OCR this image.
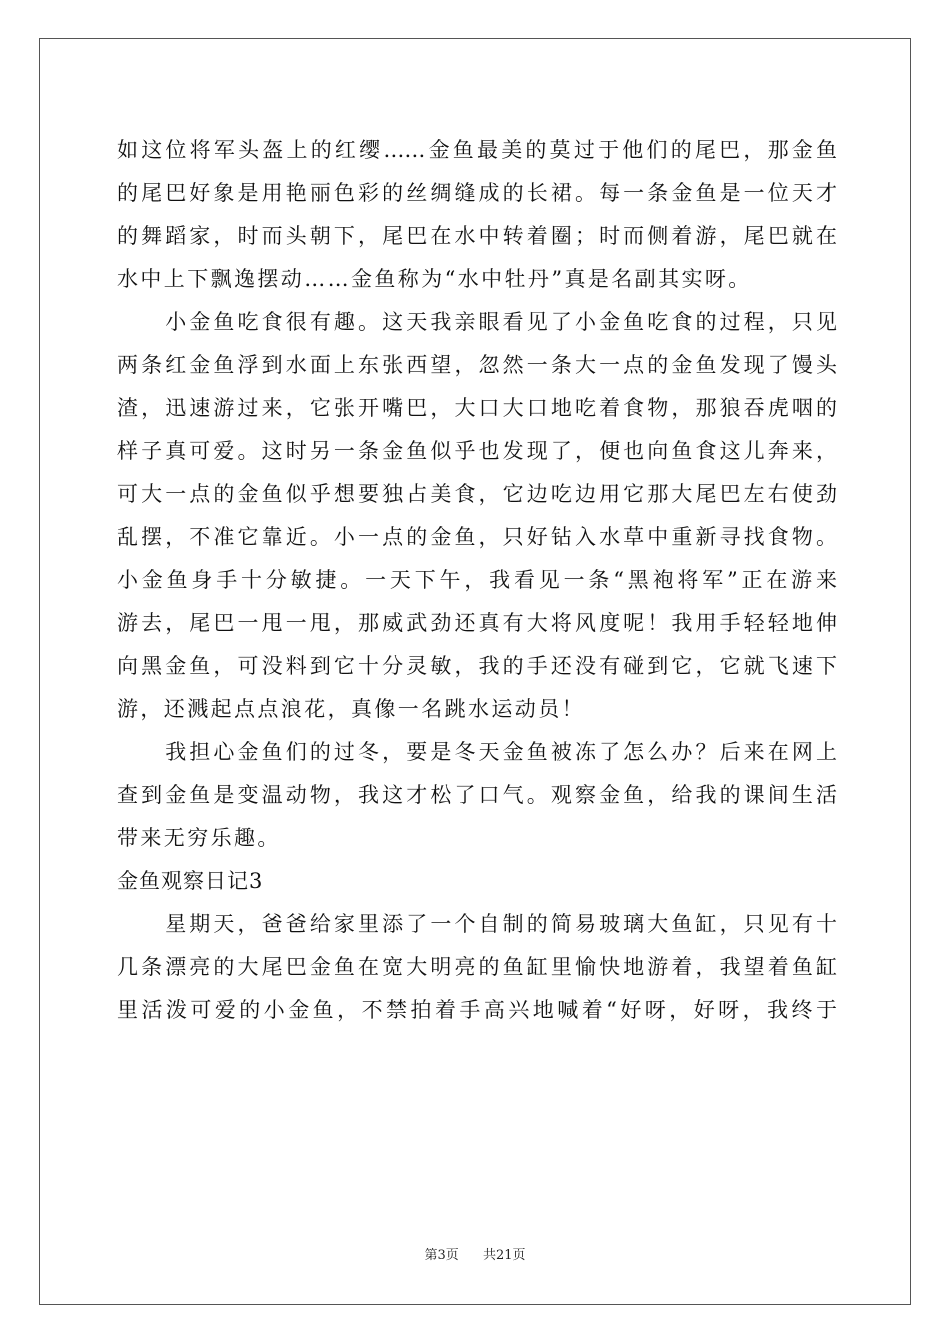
如这位将军头盔上的红缨……金鱼最美的莫过于他们的尾巴，那金鱼
的尾巴好象是用艳丽色彩的丝绸缝成的长裙。每一条金鱼是一位天才
的舞蹈家，时而头朝下，尾巴在水中转着圈；时而侧着游，尾巴就在
水中上下飘逸摆动……金鱼称为“水中牡丹”真是名副其实呀。
　　小金鱼吃食很有趣。这天我亲眼看见了小金鱼吃食的过程，只见
两条红金鱼浮到水面上东张西望，忽然一条大一点的金鱼发现了馒头
渣，迅速游过来，它张开嘴巴，大口大口地吃着食物，那狼吞虎咽的
样子真可爱。这时另一条金鱼似乎也发现了，便也向鱼食这儿奔来，
可大一点的金鱼似乎想要独占美食，它边吃边用它那大尾巴左右使劲
乱摆，不准它靠近。小一点的金鱼，只好钻入水草中重新寻找食物。
小金鱼身手十分敏捷。一天下午，我看见一条“黑袍将军”正在游来
游去，尾巴一甩一甩，那威武劲还真有大将风度呢！我用手轻轻地伸
向黑金鱼，可没料到它十分灵敏，我的手还没有碰到它，它就飞速下
游，还溅起点点浪花，真像一名跳水运动员！
　　我担心金鱼们的过冬，要是冬天金鱼被冻了怎么办？后来在网上
查到金鱼是变温动物，我这才松了口气。观察金鱼，给我的课间生活
带来无穷乐趣。
金鱼观察日记3
　　星期天，爸爸给家里添了一个自制的简易玻璃大鱼缸，只见有十
几条漂亮的大尾巴金鱼在宽大明亮的鱼缸里愉快地游着，我望着鱼缸
里活泼可爱的小金鱼，不禁拍着手高兴地喊着“好呀，好呀，我终于
第3页 共21页
